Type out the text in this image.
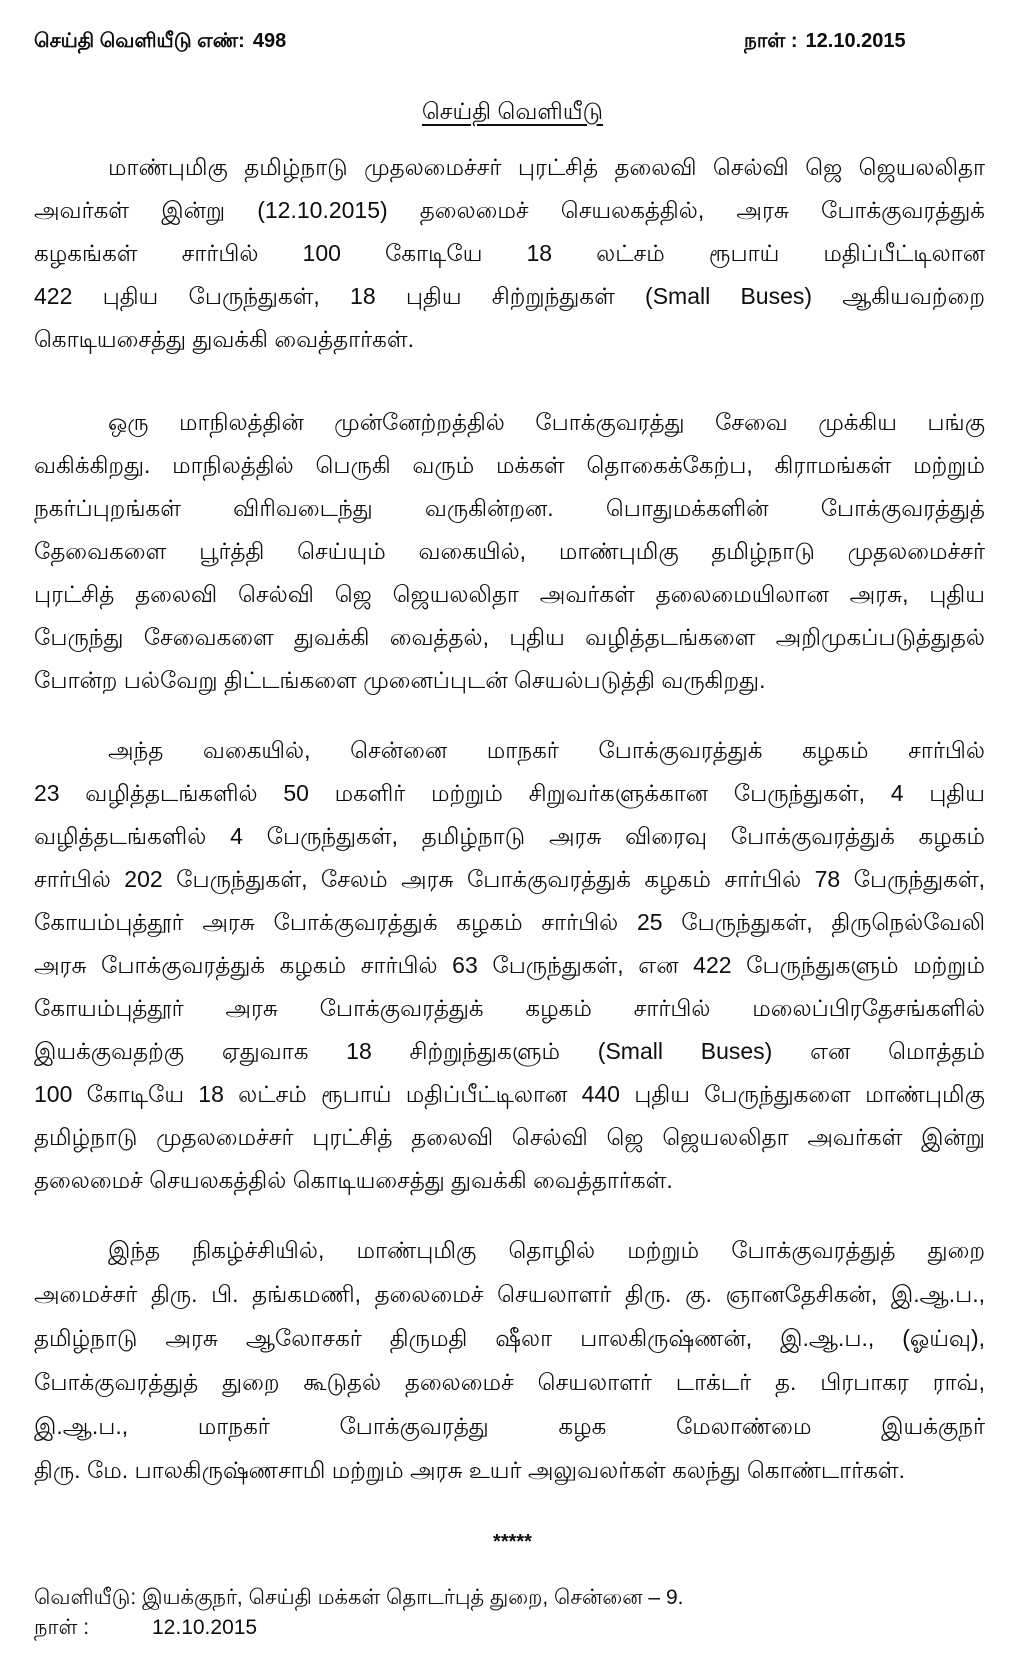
செய்தி வெளியீடு எண்: 498	நாள் : 12.10.2015
செய்தி வெளியீடு
மாண்புமிகு தமிழ்நாடு முதலமைச்சர் புரட்சித் தலைவி செல்வி ஜெ ஜெயலலிதா
அவர்கள் இன்று (12.10.2015) தலைமைச் செயலகத்தில், அரசு போக்குவரத்துக்
கழகங்கள் சார்பில் 100 கோடியே 18 லட்சம் ரூபாய் மதிப்பீட்டிலான
422 புதிய பேருந்துகள், 18 புதிய சிற்றுந்துகள் (Small Buses) ஆகியவற்றை
கொடியசைத்து துவக்கி வைத்தார்கள்.
ஒரு மாநிலத்தின் முன்னேற்றத்தில் போக்குவரத்து சேவை முக்கிய பங்கு
வகிக்கிறது. மாநிலத்தில் பெருகி வரும் மக்கள் தொகைக்கேற்ப, கிராமங்கள் மற்றும்
நகர்ப்புறங்கள் விரிவடைந்து வருகின்றன. பொதுமக்களின் போக்குவரத்துத்
தேவைகளை பூர்த்தி செய்யும் வகையில், மாண்புமிகு தமிழ்நாடு முதலமைச்சர்
புரட்சித் தலைவி செல்வி ஜெ ஜெயலலிதா அவர்கள் தலைமையிலான அரசு, புதிய
பேருந்து சேவைகளை துவக்கி வைத்தல், புதிய வழித்தடங்களை அறிமுகப்படுத்துதல்
போன்ற பல்வேறு திட்டங்களை முனைப்புடன் செயல்படுத்தி வருகிறது.
அந்த வகையில், சென்னை மாநகர் போக்குவரத்துக் கழகம் சார்பில்
23 வழித்தடங்களில் 50 மகளிர் மற்றும் சிறுவர்களுக்கான பேருந்துகள், 4 புதிய
வழித்தடங்களில் 4 பேருந்துகள், தமிழ்நாடு அரசு விரைவு போக்குவரத்துக் கழகம்
சார்பில் 202 பேருந்துகள், சேலம் அரசு போக்குவரத்துக் கழகம் சார்பில் 78 பேருந்துகள்,
கோயம்புத்தூர் அரசு போக்குவரத்துக் கழகம் சார்பில் 25 பேருந்துகள், திருநெல்வேலி
அரசு போக்குவரத்துக் கழகம் சார்பில் 63 பேருந்துகள், என 422 பேருந்துகளும் மற்றும்
கோயம்புத்தூர் அரசு போக்குவரத்துக் கழகம் சார்பில் மலைப்பிரதேசங்களில்
இயக்குவதற்கு ஏதுவாக 18 சிற்றுந்துகளும் (Small Buses) என மொத்தம்
100 கோடியே 18 லட்சம் ரூபாய் மதிப்பீட்டிலான 440 புதிய பேருந்துகளை மாண்புமிகு
தமிழ்நாடு முதலமைச்சர் புரட்சித் தலைவி செல்வி ஜெ ஜெயலலிதா அவர்கள் இன்று
தலைமைச் செயலகத்தில் கொடியசைத்து துவக்கி வைத்தார்கள்.
இந்த நிகழ்ச்சியில், மாண்புமிகு தொழில் மற்றும் போக்குவரத்துத் துறை
அமைச்சர் திரு. பி. தங்கமணி, தலைமைச் செயலாளர் திரு. கு. ஞானதேசிகன், இ.ஆ.ப.,
தமிழ்நாடு அரசு ஆலோசகர் திருமதி ஷீலா பாலகிருஷ்ணன், இ.ஆ.ப., (ஓய்வு),
போக்குவரத்துத் துறை கூடுதல் தலைமைச் செயலாளர் டாக்டர் த. பிரபாகர ராவ்,
இ.ஆ.ப., மாநகர் போக்குவரத்து கழக மேலாண்மை இயக்குநர்
திரு. மே. பாலகிருஷ்ணசாமி மற்றும் அரசு உயர் அலுவலர்கள் கலந்து கொண்டார்கள்.
*****
வெளியீடு: இயக்குநர், செய்தி மக்கள் தொடர்புத் துறை, சென்னை – 9.
நாள் :	12.10.2015
